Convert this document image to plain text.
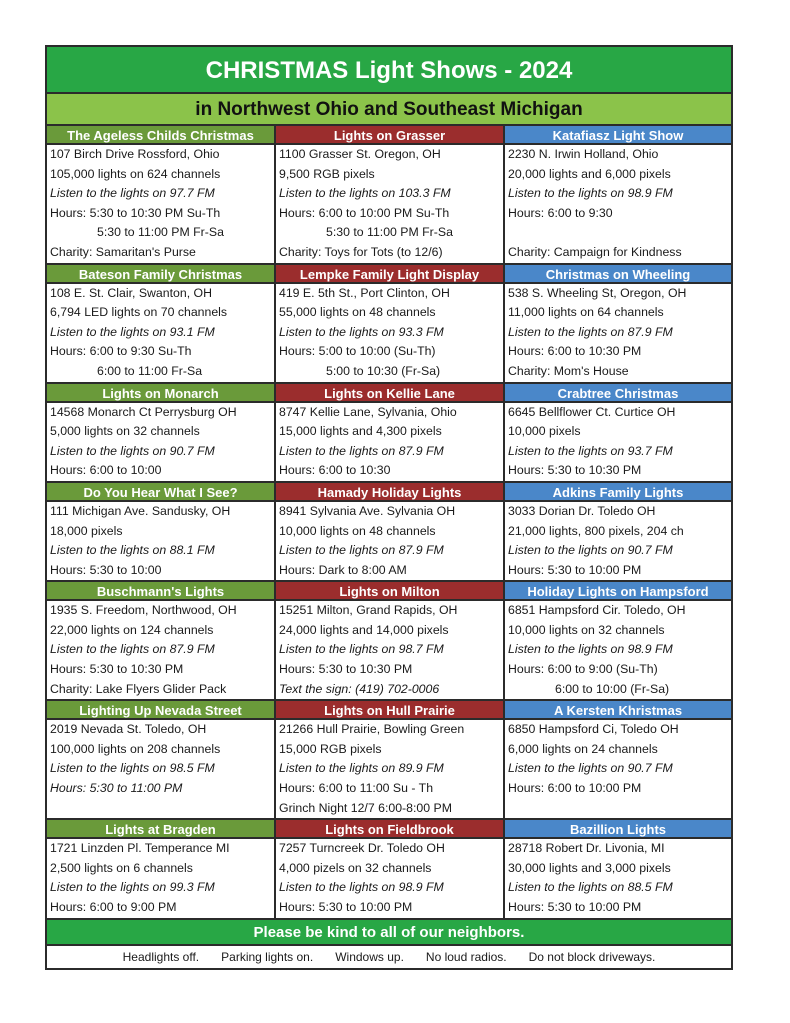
CHRISTMAS Light Shows - 2024
in Northwest Ohio and Southeast Michigan
The Ageless Childs Christmas
107 Birch Drive Rossford, Ohio
105,000 lights on 624 channels
Listen to the lights on 97.7 FM
Hours: 5:30 to 10:30 PM Su-Th
5:30 to 11:00 PM Fr-Sa
Charity: Samaritan's Purse
Lights on Grasser
1100 Grasser St. Oregon, OH
9,500 RGB pixels
Listen to the lights on 103.3 FM
Hours: 6:00 to 10:00 PM Su-Th
5:30 to 11:00 PM Fr-Sa
Charity: Toys for Tots (to 12/6)
Katafiasz Light Show
2230 N. Irwin Holland, Ohio
20,000 lights and 6,000 pixels
Listen to the lights on 98.9 FM
Hours: 6:00 to 9:30
Charity: Campaign for Kindness
Bateson Family Christmas
108 E. St. Clair, Swanton, OH
6,794 LED lights on 70 channels
Listen to the lights on 93.1 FM
Hours: 6:00 to 9:30 Su-Th
6:00 to 11:00 Fr-Sa
Lempke Family Light Display
419 E. 5th St., Port Clinton, OH
55,000 lights on 48 channels
Listen to the lights on 93.3 FM
Hours: 5:00 to 10:00 (Su-Th)
5:00 to 10:30 (Fr-Sa)
Christmas on Wheeling
538 S. Wheeling St, Oregon, OH
11,000 lights on 64 channels
Listen to the lights on 87.9 FM
Hours: 6:00 to 10:30 PM
Charity: Mom's House
Lights on Monarch
14568 Monarch Ct Perrysburg OH
5,000 lights on 32 channels
Listen to the lights on 90.7 FM
Hours: 6:00 to 10:00
Lights on Kellie Lane
8747 Kellie Lane, Sylvania, Ohio
15,000 lights and 4,300 pixels
Listen to the lights on 87.9 FM
Hours: 6:00 to 10:30
Crabtree Christmas
6645 Bellflower Ct. Curtice OH
10,000 pixels
Listen to the lights on 93.7 FM
Hours: 5:30 to 10:30 PM
Do You Hear What I See?
111 Michigan Ave. Sandusky, OH
18,000 pixels
Listen to the lights on 88.1 FM
Hours: 5:30 to 10:00
Hamady Holiday Lights
8941 Sylvania Ave. Sylvania OH
10,000 lights on 48 channels
Listen to the lights on 87.9 FM
Hours: Dark to 8:00 AM
Adkins Family Lights
3033 Dorian Dr. Toledo OH
21,000 lights, 800 pixels, 204 ch
Listen to the lights on 90.7 FM
Hours: 5:30 to 10:00 PM
Buschmann's Lights
1935 S. Freedom, Northwood, OH
22,000 lights on 124 channels
Listen to the lights on 87.9 FM
Hours: 5:30 to 10:30 PM
Charity: Lake Flyers Glider Pack
Lights on Milton
15251 Milton, Grand Rapids, OH
24,000 lights and 14,000 pixels
Listen to the lights on 98.7 FM
Hours: 5:30 to 10:30 PM
Text the sign: (419) 702-0006
Holiday Lights on Hampsford
6851 Hampsford Cir. Toledo, OH
10,000 lights on 32 channels
Listen to the lights on 98.9 FM
Hours: 6:00 to 9:00 (Su-Th)
6:00 to 10:00 (Fr-Sa)
Lighting Up Nevada Street
2019 Nevada St. Toledo, OH
100,000 lights on 208 channels
Listen to the lights on 98.5 FM
Hours: 5:30 to 11:00 PM

Lights on Hull Prairie
21266 Hull Prairie, Bowling Green
15,000 RGB pixels
Listen to the lights on 89.9 FM
Hours: 6:00 to 11:00 Su - Th
Grinch Night 12/7 6:00-8:00 PM
A Kersten Khristmas
6850 Hampsford Ci, Toledo OH
6,000 lights on 24 channels
Listen to the lights on 90.7 FM
Hours: 6:00 to 10:00 PM

Lights at Bragden
1721 Linzden Pl. Temperance MI
2,500 lights on 6 channels
Listen to the lights on 99.3 FM
Hours: 6:00 to 9:00 PM
Lights on Fieldbrook
7257 Turncreek Dr. Toledo OH
4,000 pizels on 32 channels
Listen to the lights on 98.9 FM
Hours: 5:30 to 10:00 PM
Bazillion Lights
28718 Robert Dr. Livonia, MI
30,000 lights and 3,000 pixels
Listen to the lights on 88.5 FM
Hours: 5:30 to 10:00 PM
Please be kind to all of our neighbors.
Headlights off. Parking lights on. Windows up. No loud radios. Do not block driveways.
